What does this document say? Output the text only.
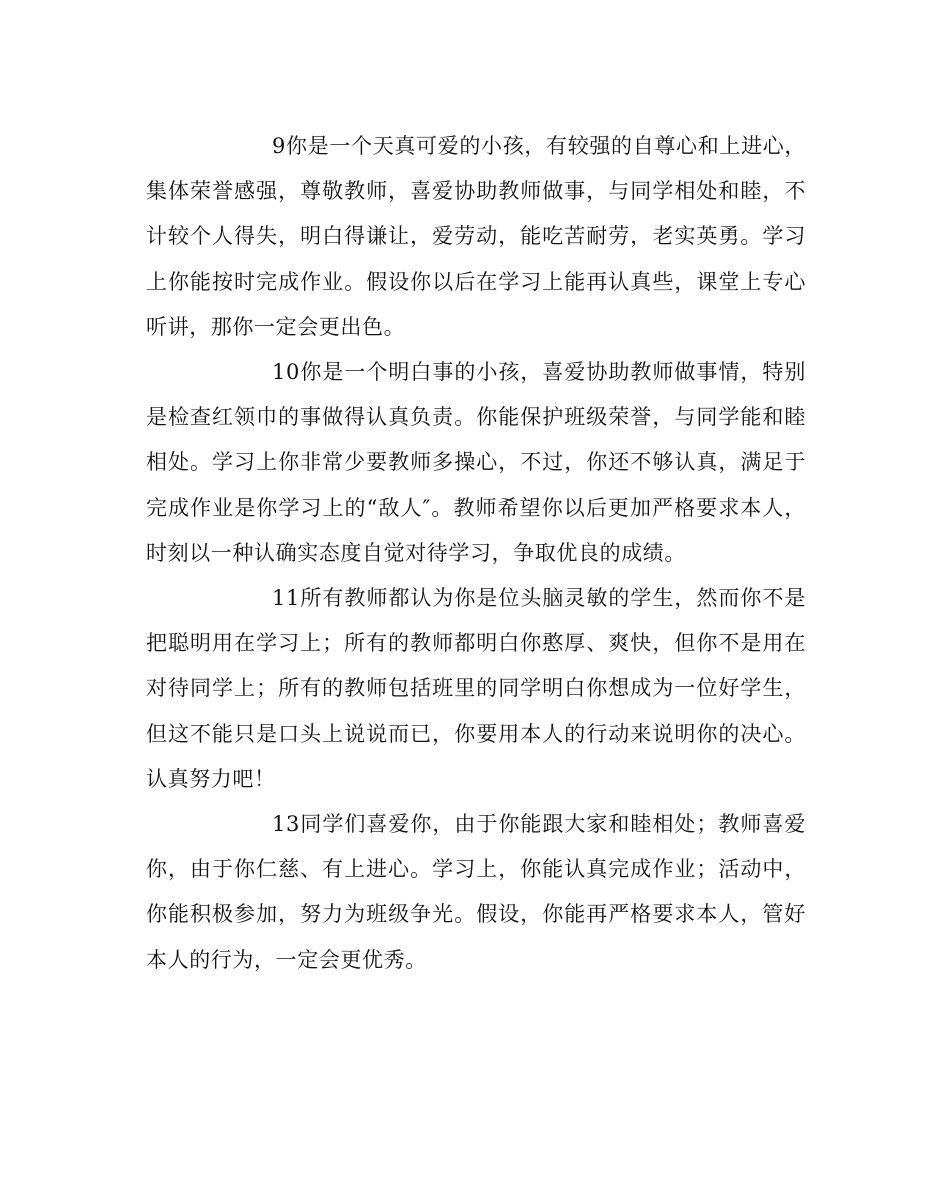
9你是一个天真可爱的小孩，有较强的自尊心和上进心，集体荣誉感强，尊敬教师，喜爱协助教师做事，与同学相处和睦，不计较个人得失，明白得谦让，爱劳动，能吃苦耐劳，老实英勇。学习上你能按时完成作业。假设你以后在学习上能再认真些，课堂上专心听讲，那你一定会更出色。

10你是一个明白事的小孩，喜爱协助教师做事情，特别是检查红领巾的事做得认真负责。你能保护班级荣誉，与同学能和睦相处。学习上你非常少要教师多操心，不过，你还不够认真，满足于完成作业是你学习上的“敌人″。教师希望你以后更加严格要求本人，时刻以一种认确实态度自觉对待学习，争取优良的成绩。

11所有教师都认为你是位头脑灵敏的学生，然而你不是把聪明用在学习上；所有的教师都明白你憨厚、爽快，但你不是用在对待同学上；所有的教师包括班里的同学明白你想成为一位好学生，但这不能只是口头上说说而已，你要用本人的行动来说明你的决心。认真努力吧！

13同学们喜爱你，由于你能跟大家和睦相处；教师喜爱你，由于你仁慈、有上进心。学习上，你能认真完成作业；活动中，你能积极参加，努力为班级争光。假设，你能再严格要求本人，管好本人的行为，一定会更优秀。
